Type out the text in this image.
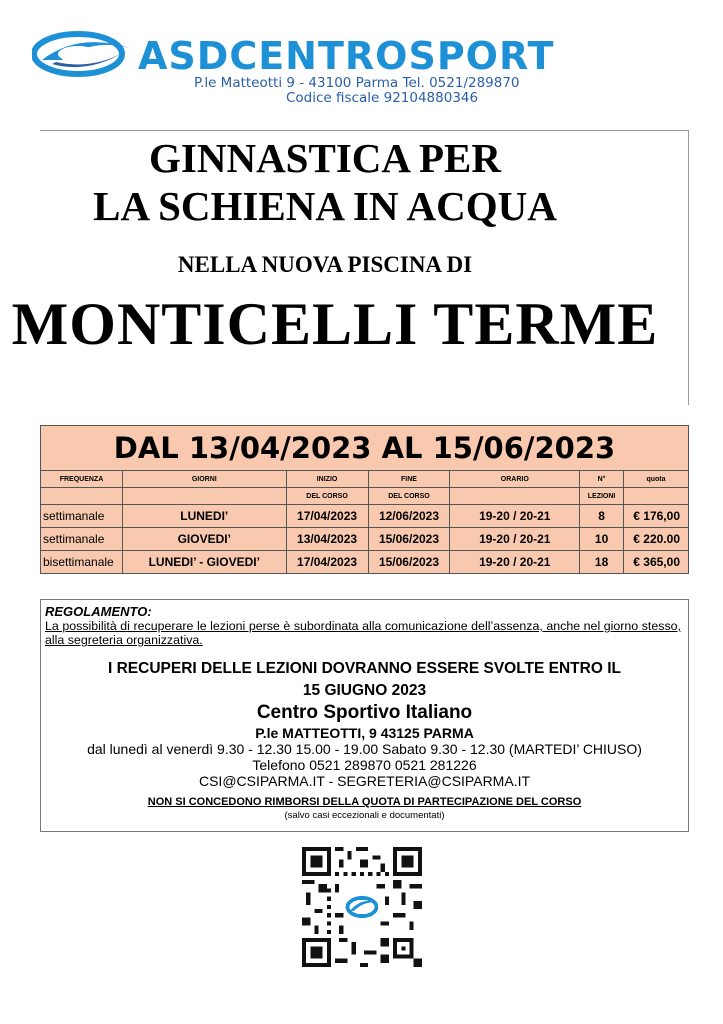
ASDCENTROSPORT
P.le Matteotti 9 - 43100 Parma Tel. 0521/289870
Codice fiscale 92104880346
GINNASTICA PER
LA SCHIENA IN ACQUA
NELLA NUOVA PISCINA DI
MONTICELLI TERME
DAL 13/04/2023 AL 15/06/2023						
FREQUENZA	GIORNI	INIZIO	FINE	ORARIO	N°	quota
		DEL CORSO	DEL CORSO		LEZIONI	
settimanale	LUNEDI’	17/04/2023	12/06/2023	19-20 / 20-21	8	€ 176,00
settimanale	GIOVEDI’	13/04/2023	15/06/2023	19-20 / 20-21	10	€ 220.00
bisettimanale	LUNEDI’ - GIOVEDI’	17/04/2023	15/06/2023	19-20 / 20-21	18	€ 365,00
REGOLAMENTO:
La possibilità di recuperare le lezioni perse è subordinata alla comunicazione dell’assenza, anche nel giorno stesso, alla segreteria organizzativa.
I RECUPERI DELLE LEZIONI DOVRANNO ESSERE SVOLTE ENTRO IL
15 GIUGNO 2023
Centro Sportivo Italiano
P.le MATTEOTTI, 9 43125 PARMA
dal lunedì al venerdì 9.30 - 12.30 15.00 - 19.00 Sabato 9.30 - 12.30 (MARTEDI’ CHIUSO)
Telefono 0521 289870 0521 281226
CSI@CSIPARMA.IT - SEGRETERIA@CSIPARMA.IT
NON SI CONCEDONO RIMBORSI DELLA QUOTA DI PARTECIPAZIONE DEL CORSO
(salvo casi eccezionali e documentati)
